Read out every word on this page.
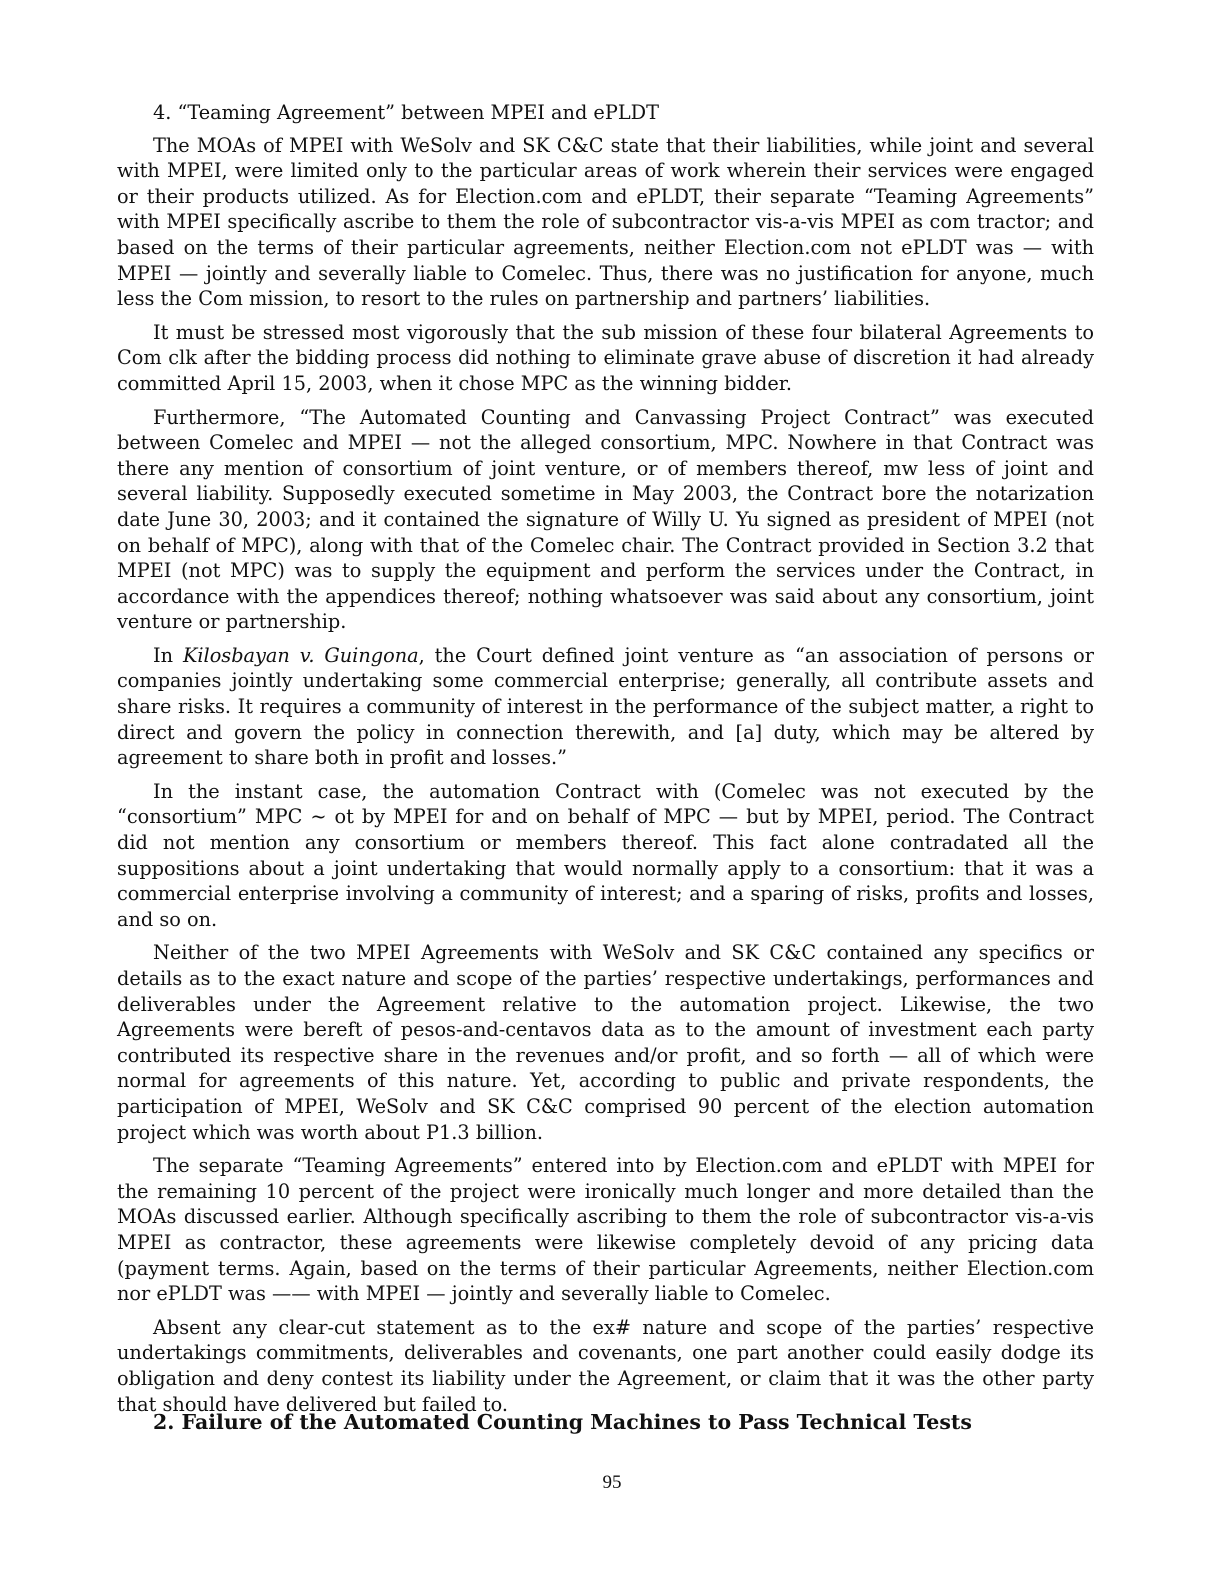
4. “Teaming Agreement” between MPEI and ePLDT

The MOAs of MPEI with WeSolv and SK C&C state that their liabilities, while joint and several with MPEI, were limited only to the particular areas of work wherein their services were engaged or their products utilized. As for Election.com and ePLDT, their separate “Teaming Agreements” with MPEI specifically ascribe to them the role of subcontractor vis-a-vis MPEI as com tractor; and based on the terms of their particular agreements, neither Election.com not ePLDT was — with MPEI — jointly and severally liable to Comelec. Thus, there was no justification for anyone, much less the Com mission, to resort to the rules on partnership and partners’ liabilities.

It must be stressed most vigorously that the sub mission of these four bilateral Agreements to Com clk after the bidding process did nothing to eliminate grave abuse of discretion it had already committed April 15, 2003, when it chose MPC as the winning bidder.

Furthermore, “The Automated Counting and Canvassing Project Contract” was executed between Comelec and MPEI — not the alleged consortium, MPC. Nowhere in that Contract was there any mention of consortium of joint venture, or of members thereof, mw less of joint and several liability. Supposedly executed sometime in May 2003, the Contract bore the notarization date June 30, 2003; and it contained the signature of Willy U. Yu signed as president of MPEI (not on behalf of MPC), along with that of the Comelec chair. The Contract provided in Section 3.2 that MPEI (not MPC) was to supply the equipment and perform the services under the Contract, in accordance with the appendices thereof; nothing whatsoever was said about any consortium, joint venture or partnership.

In Kilosbayan v. Guingona, the Court defined joint venture as “an association of persons or companies jointly undertaking some commercial enterprise; generally, all contribute assets and share risks. It requires a community of interest in the performance of the subject matter, a right to direct and govern the policy in connection therewith, and [a] duty, which may be altered by agreement to share both in profit and losses.”

In the instant case, the automation Contract with (Comelec was not executed by the “consortium” MPC ~ ot by MPEI for and on behalf of MPC — but by MPEI, period. The Contract did not mention any consortium or members thereof. This fact alone contradated all the suppositions about a joint undertaking that would normally apply to a consortium: that it was a commercial enterprise involving a community of interest; and a sparing of risks, profits and losses, and so on.

Neither of the two MPEI Agreements with WeSolv and SK C&C contained any specifics or details as to the exact nature and scope of the parties’ respective undertakings, performances and deliverables under the Agreement relative to the automation project. Likewise, the two Agreements were bereft of pesos-and-centavos data as to the amount of investment each party contributed its respective share in the revenues and/or profit, and so forth — all of which were normal for agreements of this nature. Yet, according to public and private respondents, the participation of MPEI, WeSolv and SK C&C comprised 90 percent of the election automation project which was worth about P1.3 billion.

The separate “Teaming Agreements” entered into by Election.com and ePLDT with MPEI for the remaining 10 percent of the project were ironically much longer and more detailed than the MOAs discussed earlier. Although specifically ascribing to them the role of subcontractor vis-a-vis MPEI as contractor, these agreements were likewise completely devoid of any pricing data (payment terms. Again, based on the terms of their particular Agreements, neither Election.com nor ePLDT was —— with MPEI — jointly and severally liable to Comelec.

Absent any clear-cut statement as to the ex# nature and scope of the parties’ respective undertakings commitments, deliverables and covenants, one part another could easily dodge its obligation and deny contest its liability under the Agreement, or claim that it was the other party that should have delivered but failed to.

2. Failure of the Automated Counting Machines to Pass Technical Tests
95
